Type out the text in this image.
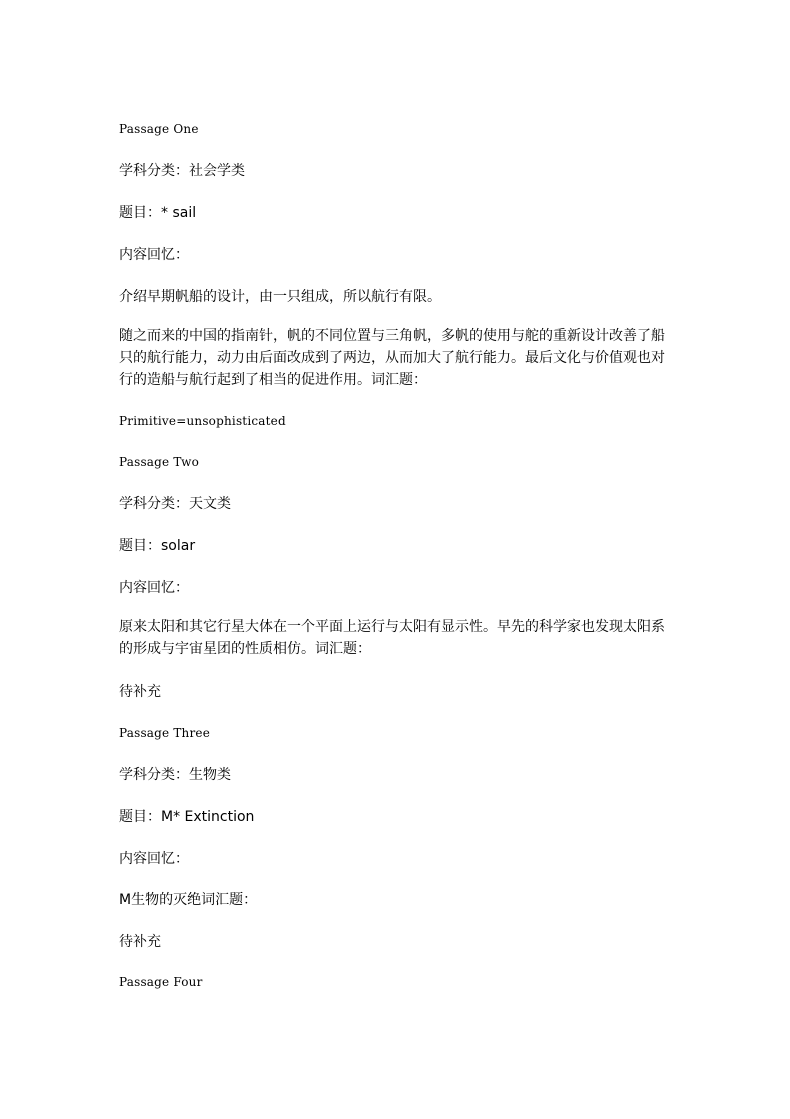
Passage One

学科分类：社会学类

题目：* sail

内容回忆：

介绍早期帆船的设计，由一只组成，所以航行有限。

随之而来的中国的指南针，帆的不同位置与三角帆，多帆的使用与舵的重新设计改善了船只的航行能力，动力由后面改成到了两边，从而加大了航行能力。最后文化与价值观也对行的造船与航行起到了相当的促进作用。词汇题：

Primitive=unsophisticated

Passage Two

学科分类：天文类

题目：solar

内容回忆：

原来太阳和其它行星大体在一个平面上运行与太阳有显示性。早先的科学家也发现太阳系的形成与宇宙星团的性质相仿。词汇题：

待补充

Passage Three

学科分类：生物类

题目：M* Extinction

内容回忆：

M生物的灭绝词汇题：

待补充

Passage Four
